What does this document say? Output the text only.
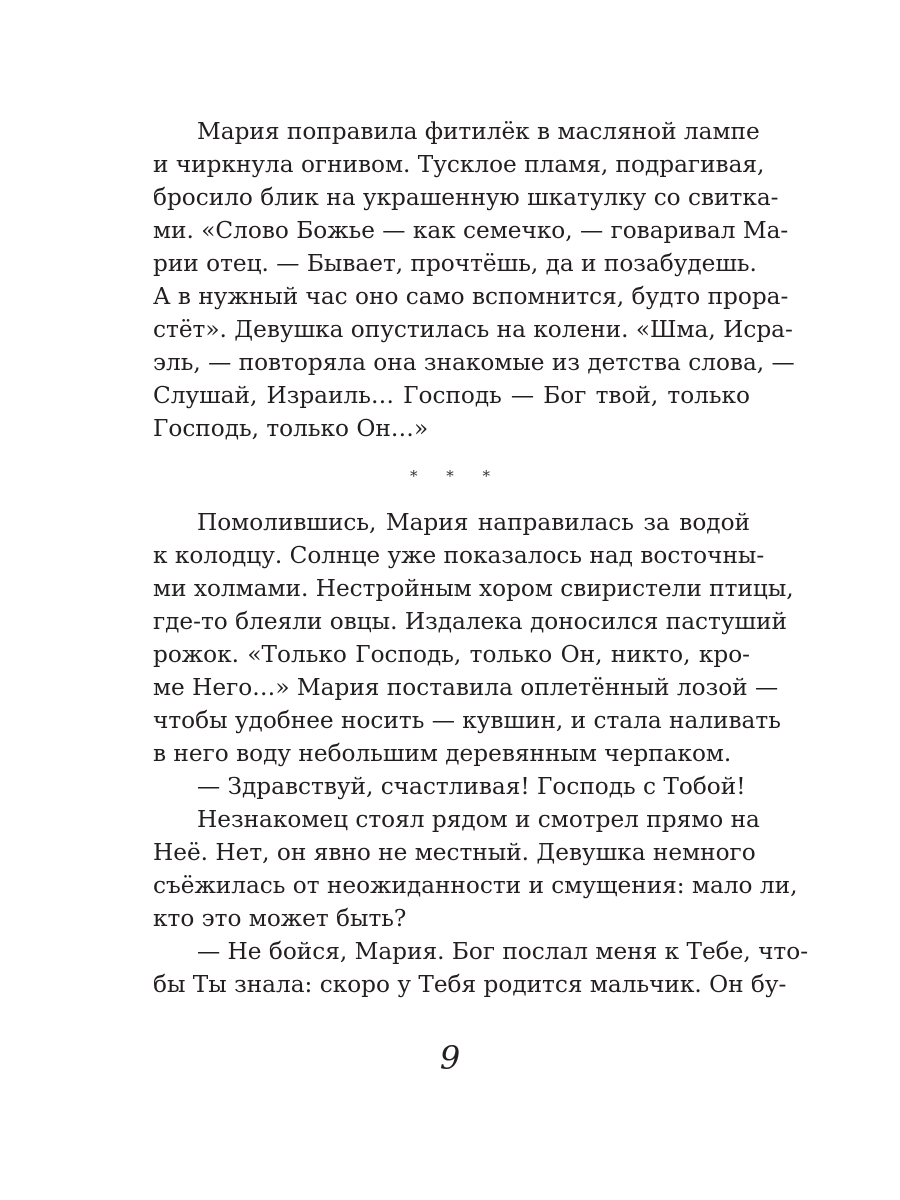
Мария поправила фитилёк в масляной лампе
и чиркнула огнивом. Тусклое пламя, подрагивая,
бросило блик на украшенную шкатулку со свитка-
ми. «Слово Божье — как семечко, — говаривал Ма-
рии отец. — Бывает, прочтёшь, да и позабудешь.
А в нужный час оно само вспомнится, будто прора-
стёт». Девушка опустилась на колени. «Шма, Исра-
эль, — повторяла она знакомые из детства слова, —
Слушай, Израиль… Господь — Бог твой, только
Господь, только Он…»
* * *
Помолившись, Мария направилась за водой
к колодцу. Солнце уже показалось над восточны-
ми холмами. Нестройным хором свиристели птицы,
где-то блеяли овцы. Издалека доносился пастуший
рожок. «Только Господь, только Он, никто, кро-
ме Него…» Мария поставила оплетённый лозой —
чтобы удобнее носить — кувшин, и стала наливать
в него воду небольшим деревянным черпаком.
— Здравствуй, счастливая! Господь с Тобой!
Незнакомец стоял рядом и смотрел прямо на
Неё. Нет, он явно не местный. Девушка немного
съёжилась от неожиданности и смущения: мало ли,
кто это может быть?
— Не бойся, Мария. Бог послал меня к Тебе, что-
бы Ты знала: скоро у Тебя родится мальчик. Он бу-
9
